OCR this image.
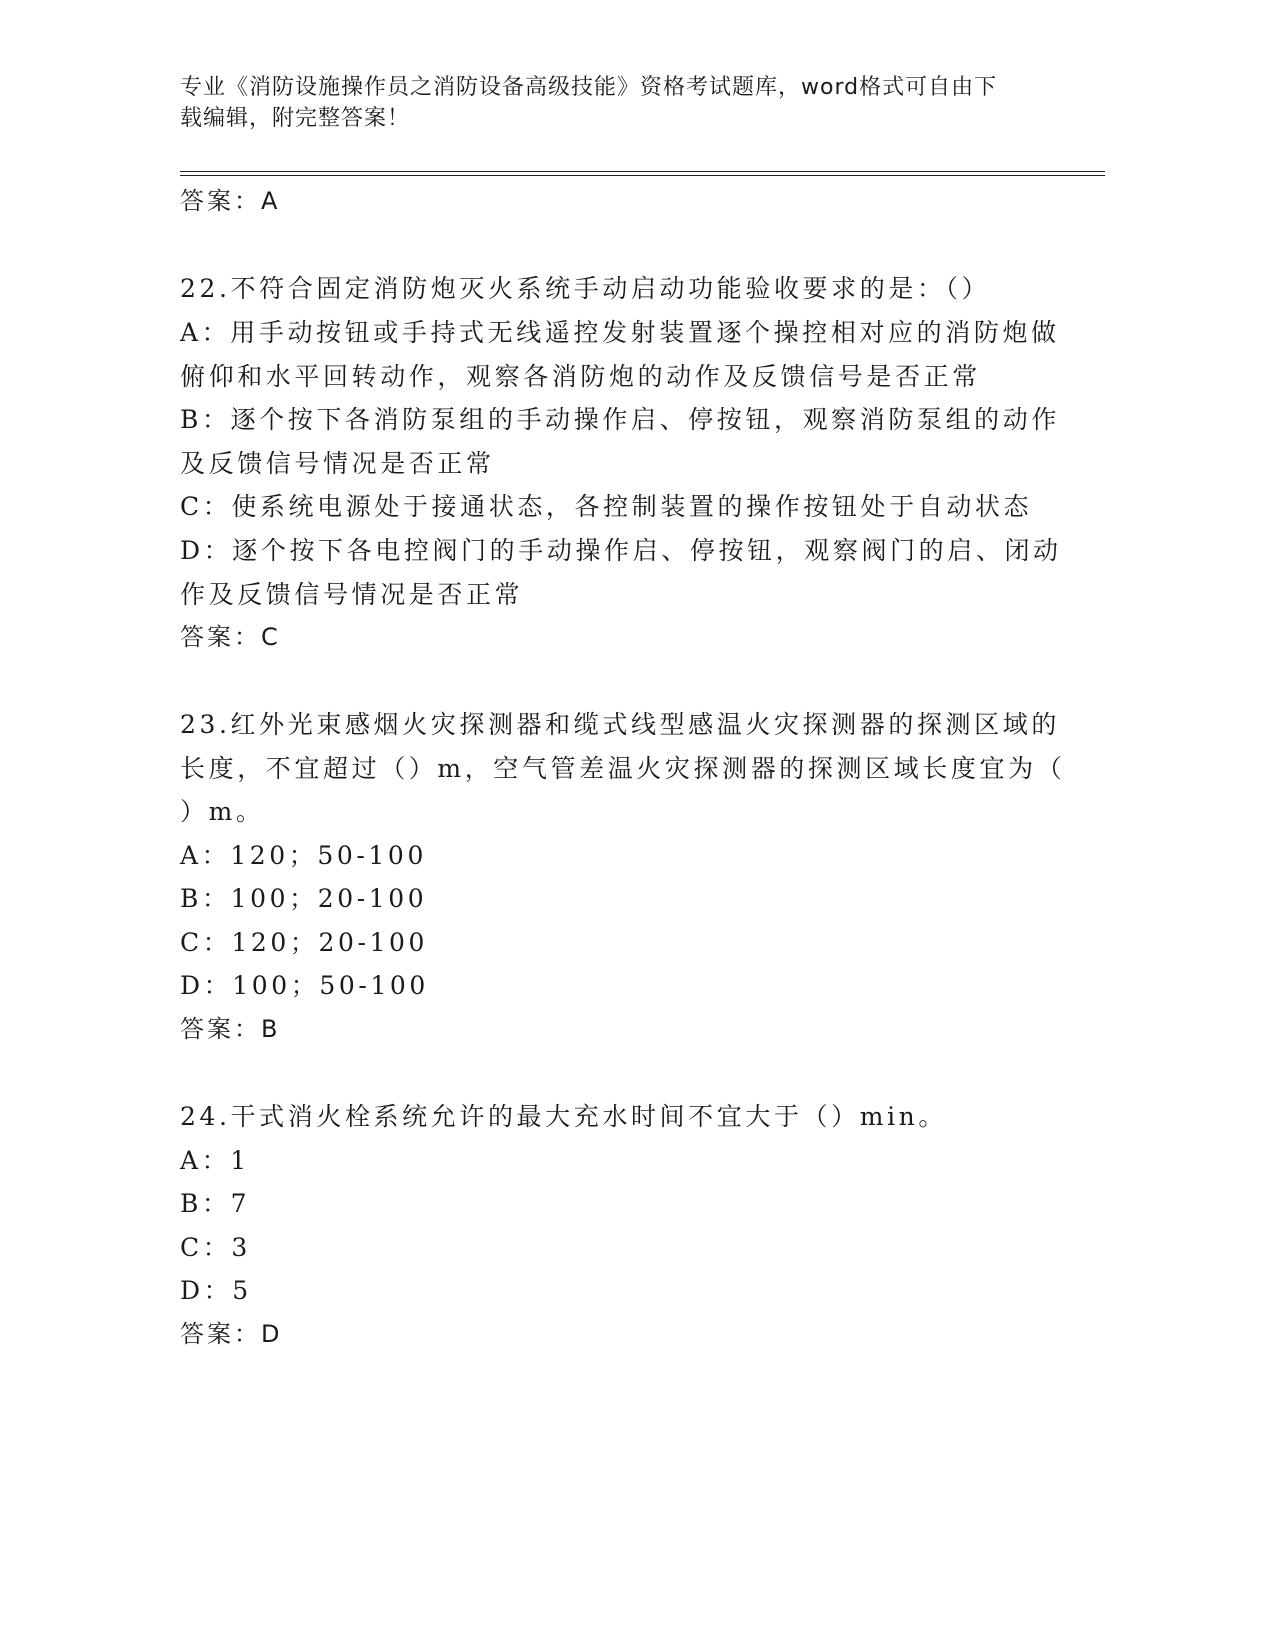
专业《消防设施操作员之消防设备高级技能》资格考试题库，word格式可自由下
载编辑，附完整答案！
答案：A
22.不符合固定消防炮灭火系统手动启动功能验收要求的是：（）
A：用手动按钮或手持式无线遥控发射装置逐个操控相对应的消防炮做
俯仰和水平回转动作，观察各消防炮的动作及反馈信号是否正常
B：逐个按下各消防泵组的手动操作启、停按钮，观察消防泵组的动作
及反馈信号情况是否正常
C：使系统电源处于接通状态，各控制装置的操作按钮处于自动状态
D：逐个按下各电控阀门的手动操作启、停按钮，观察阀门的启、闭动
作及反馈信号情况是否正常
答案：C
23.红外光束感烟火灾探测器和缆式线型感温火灾探测器的探测区域的
长度，不宜超过（）m，空气管差温火灾探测器的探测区域长度宜为（
）m。
A：120；50-100
B：100；20-100
C：120；20-100
D：100；50-100
答案：B
24.干式消火栓系统允许的最大充水时间不宜大于（）min。
A：1
B：7
C：3
D：5
答案：D
